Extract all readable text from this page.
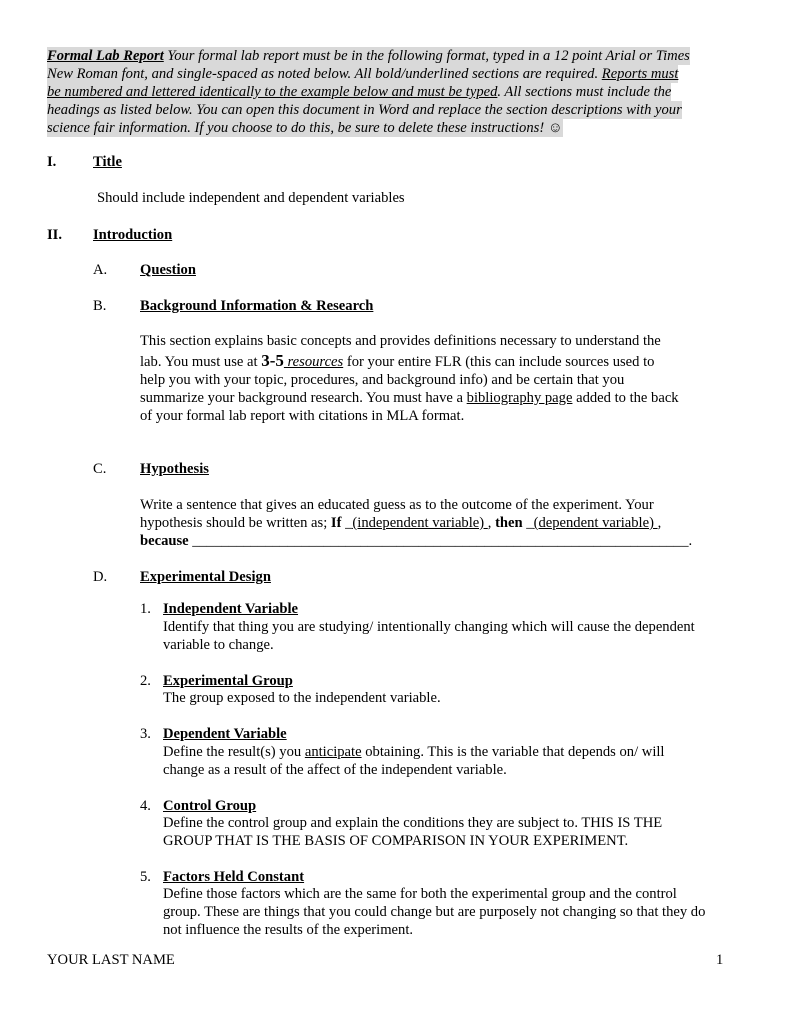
Formal Lab Report Your formal lab report must be in the following format, typed in a 12 point Arial or Times
New Roman font, and single-spaced as noted below. All bold/underlined sections are required. Reports must
be numbered and lettered identically to the example below and must be typed. All sections must include the
headings as listed below. You can open this document in Word and replace the section descriptions with your
science fair information. If you choose to do this, be sure to delete these instructions! ☺
I.	Title
Should include independent and dependent variables
II. Introduction
A. Question
B. Background Information & Research
This section explains basic concepts and provides definitions necessary to understand the
lab. You must use at 3-5 resources for your entire FLR (this can include sources used to
help you with your topic, procedures, and background info) and be certain that you
summarize your background research. You must have a bibliography page added to the back
of your formal lab report with citations in MLA format.
C. Hypothesis
Write a sentence that gives an educated guess as to the outcome of the experiment. Your
hypothesis should be written as; If _(independent variable) , then _(dependent variable) ,
because ____________________________________________________________________.
D. Experimental Design
1. Independent Variable
Identify that thing you are studying/ intentionally changing which will cause the dependent
variable to change.
2. Experimental Group
The group exposed to the independent variable.
3. Dependent Variable
Define the result(s) you anticipate obtaining. This is the variable that depends on/ will
change as a result of the affect of the independent variable.
4. Control Group
Define the control group and explain the conditions they are subject to. THIS IS THE
GROUP THAT IS THE BASIS OF COMPARISON IN YOUR EXPERIMENT.
5. Factors Held Constant
Define those factors which are the same for both the experimental group and the control
group. These are things that you could change but are purposely not changing so that they do
not influence the results of the experiment.
YOUR LAST NAME	1
